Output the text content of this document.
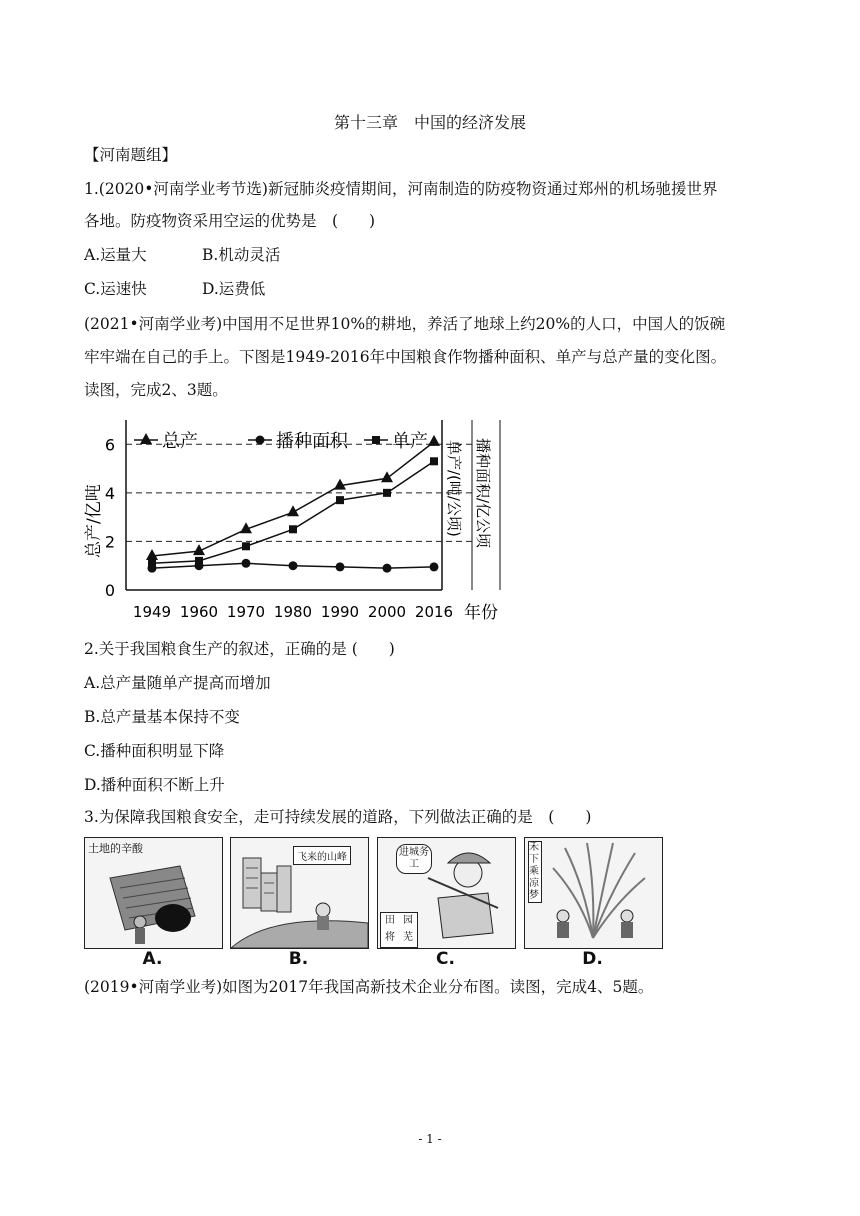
第十三章　中国的经济发展
【河南题组】
1.(2020•河南学业考节选)新冠肺炎疫情期间，河南制造的防疫物资通过郑州的机场驰援世界
各地。防疫物资采用空运的优势是　(　　)
A.运量大	B.机动灵活
C.运速快	D.运费低
(2021•河南学业考)中国用不足世界10%的耕地，养活了地球上约20%的人口，中国人的饭碗
牢牢端在自己的手上。下图是1949-2016年中国粮食作物播种面积、单产与总产量的变化图。
读图，完成2、3题。
总产	播种面积 单产
0
2
4
6
1949 1960 1970 1980 1990 2000 2016
总产/亿吨	单产/(吨/公顷) 播种面积/亿公顷
年份
2.关于我国粮食生产的叙述，正确的是 (　　)
A.总产量随单产提高而增加
B.总产量基本保持不变
C.播种面积明显下降
D.播种面积不断上升
3.为保障我国粮食安全，走可持续发展的道路，下列做法正确的是　(　　)
土地的辛酸
A.
飞来的山峰
B.
进城务工
田 园
将 芜
C.
禾下乘凉梦
D.
(2019•河南学业考)如图为2017年我国高新技术企业分布图。读图，完成4、5题。
- 1 -
